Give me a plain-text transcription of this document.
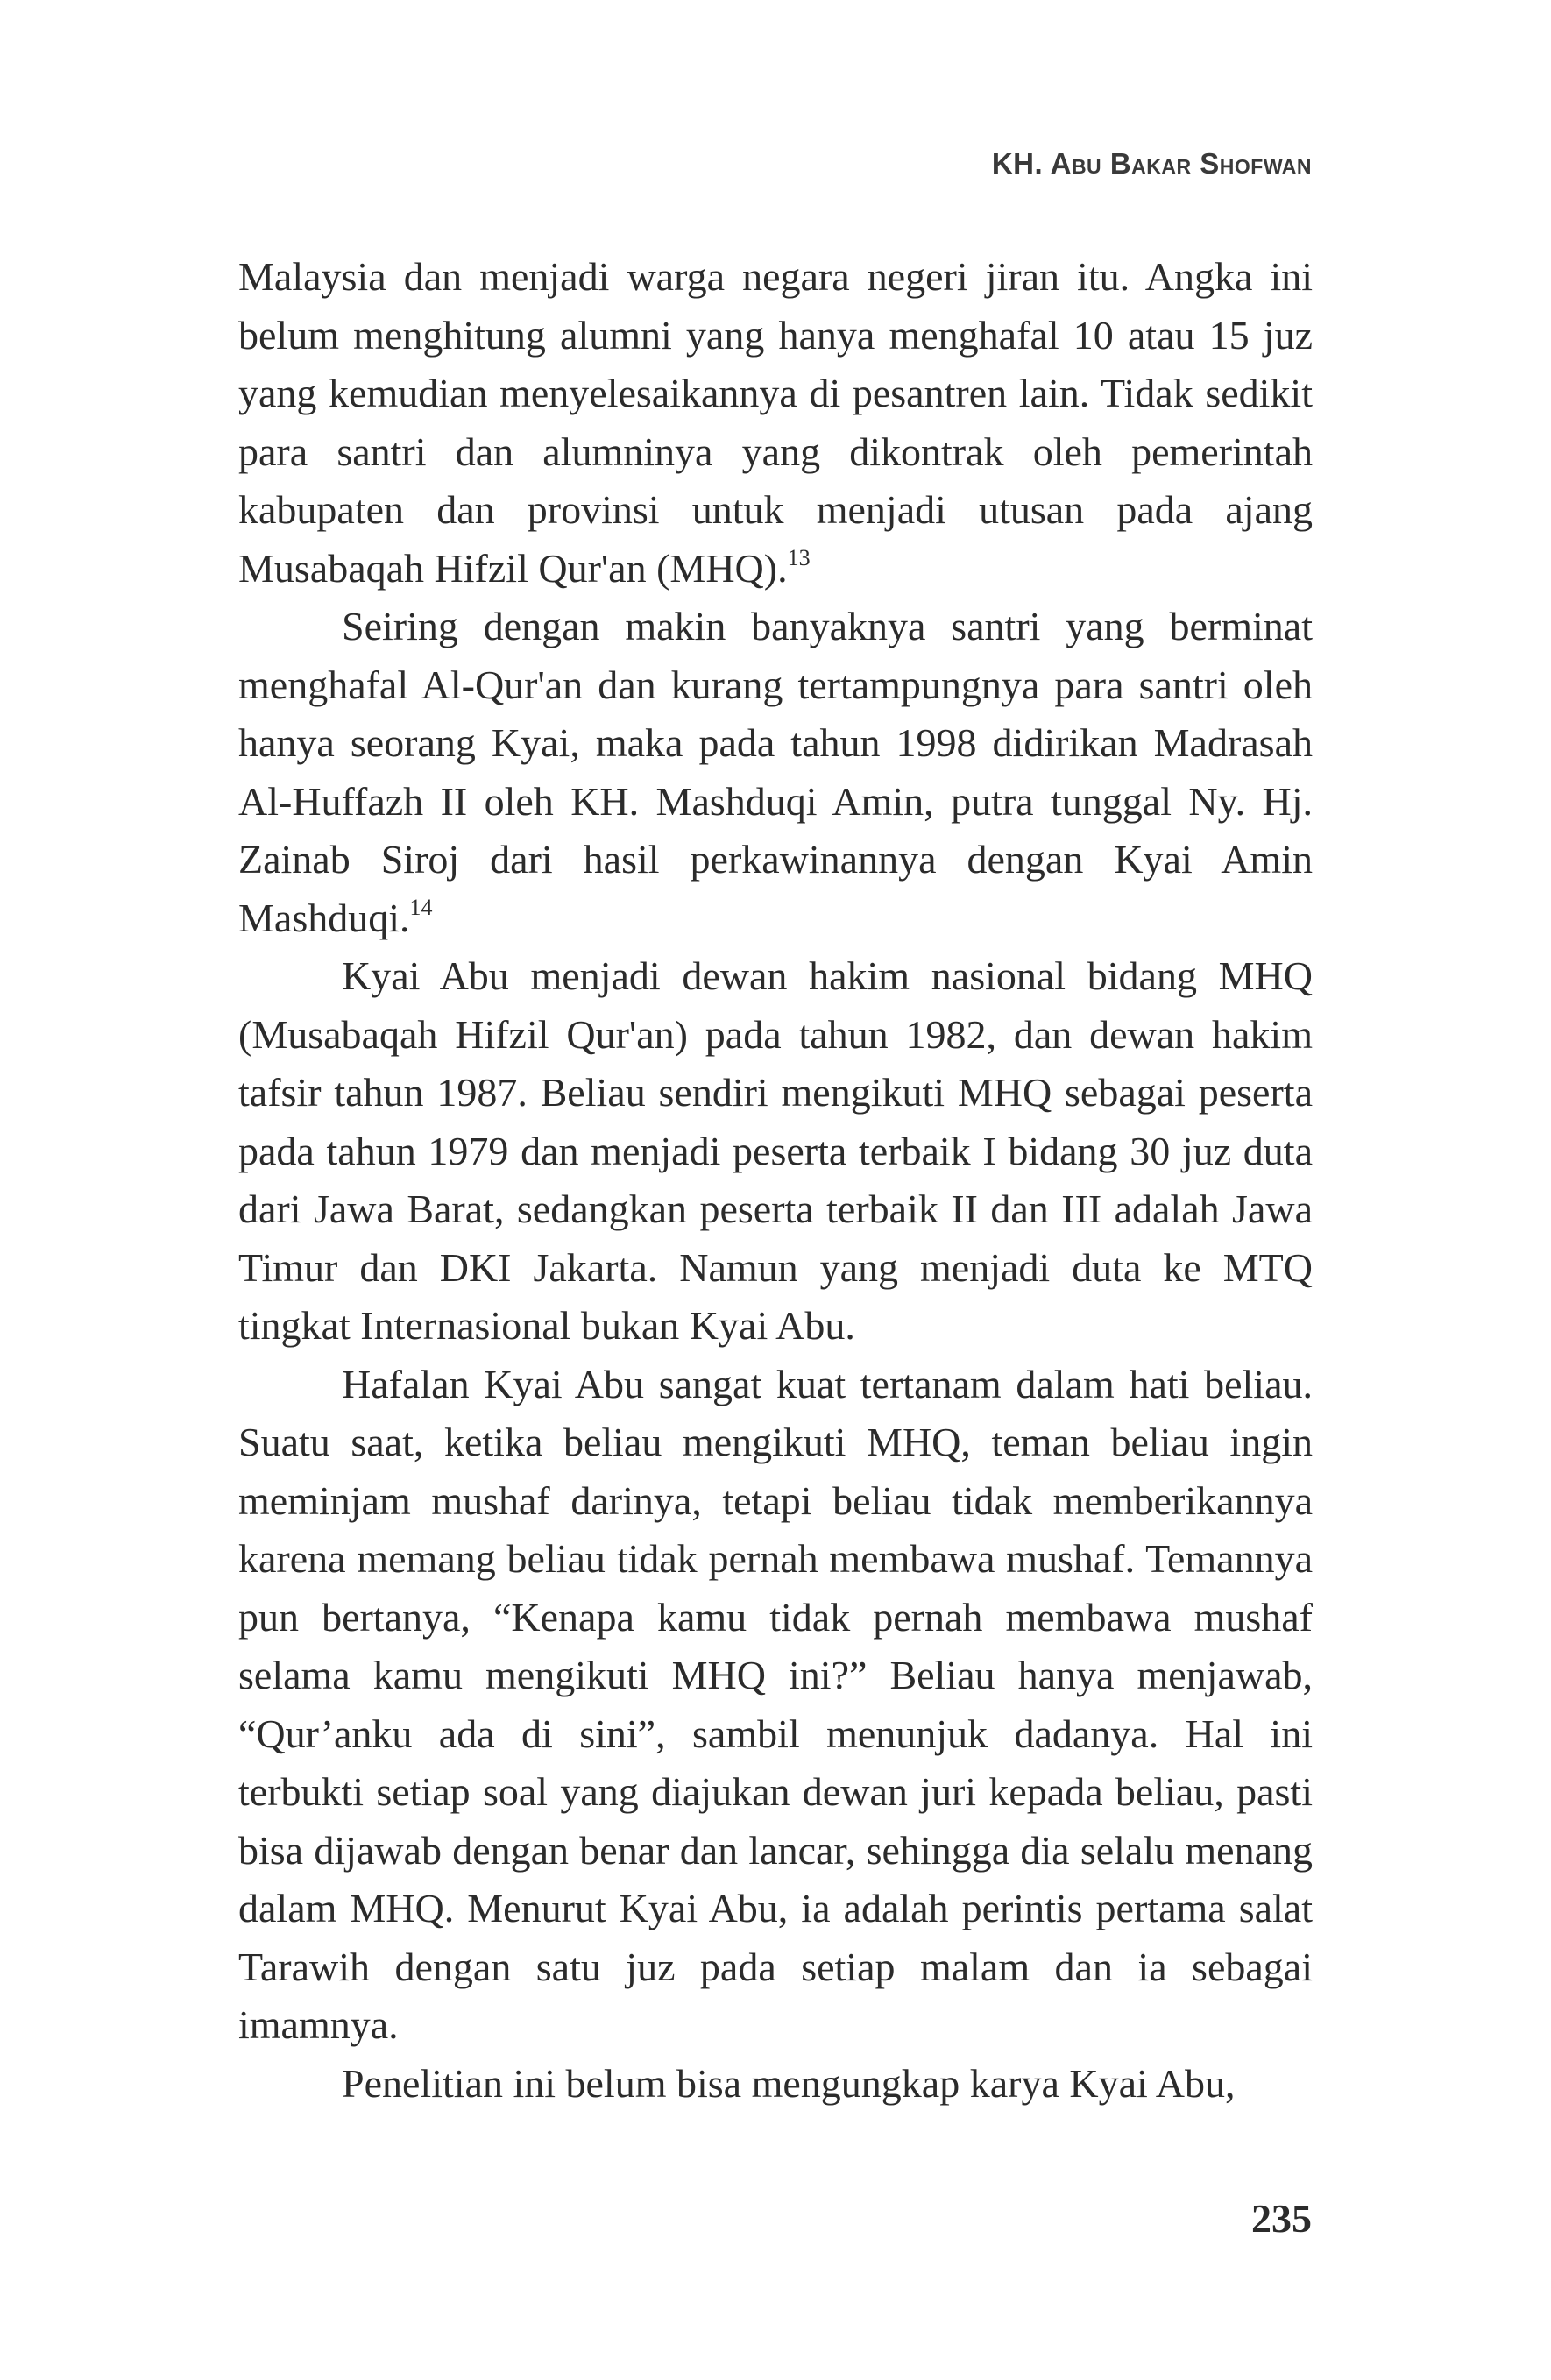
KH. Abu Bakar Shofwan

Malaysia dan menjadi warga negara negeri jiran itu. Angka ini belum menghitung alumni yang hanya menghafal 10 atau 15 juz yang kemudian menyelesaikannya di pesantren lain. Tidak sedikit para santri dan alumninya yang dikontrak oleh pemerintah kabupaten dan provinsi untuk menjadi utusan pada ajang Musabaqah Hifzil Qur'an (MHQ).$^{13}$

Seiring dengan makin banyaknya santri yang berminat menghafal Al-Qur'an dan kurang tertampungnya para santri oleh hanya seorang Kyai, maka pada tahun 1998 didirikan Madrasah Al-Huffazh II oleh KH. Mashduqi Amin, putra tunggal Ny. Hj. Zainab Siroj dari hasil perkawinannya dengan Kyai Amin Mashduqi.$^{14}$

Kyai Abu menjadi dewan hakim nasional bidang MHQ (Musabaqah Hifzil Qur'an) pada tahun 1982, dan dewan hakim tafsir tahun 1987. Beliau sendiri mengikuti MHQ sebagai peserta pada tahun 1979 dan menjadi peserta terbaik I bidang 30 juz duta dari Jawa Barat, sedangkan peserta terbaik II dan III adalah Jawa Timur dan DKI Jakarta. Namun yang menjadi duta ke MTQ tingkat Internasional bukan Kyai Abu.

Hafalan Kyai Abu sangat kuat tertanam dalam hati beliau. Suatu saat, ketika beliau mengikuti MHQ, teman beliau ingin meminjam mushaf darinya, tetapi beliau tidak memberikannya karena memang beliau tidak pernah membawa mushaf. Temannya pun bertanya, “Kenapa kamu tidak pernah membawa mushaf selama kamu mengikuti MHQ ini?” Beliau hanya menjawab, “Qur’anku ada di sini”, sambil menunjuk dadanya. Hal ini terbukti setiap soal yang diajukan dewan juri kepada beliau, pasti bisa dijawab dengan benar dan lancar, sehingga dia selalu menang dalam MHQ. Menurut Kyai Abu, ia adalah perintis pertama salat Tarawih dengan satu juz pada setiap malam dan ia sebagai imamnya.

Penelitian ini belum bisa mengungkap karya Kyai Abu,

235
